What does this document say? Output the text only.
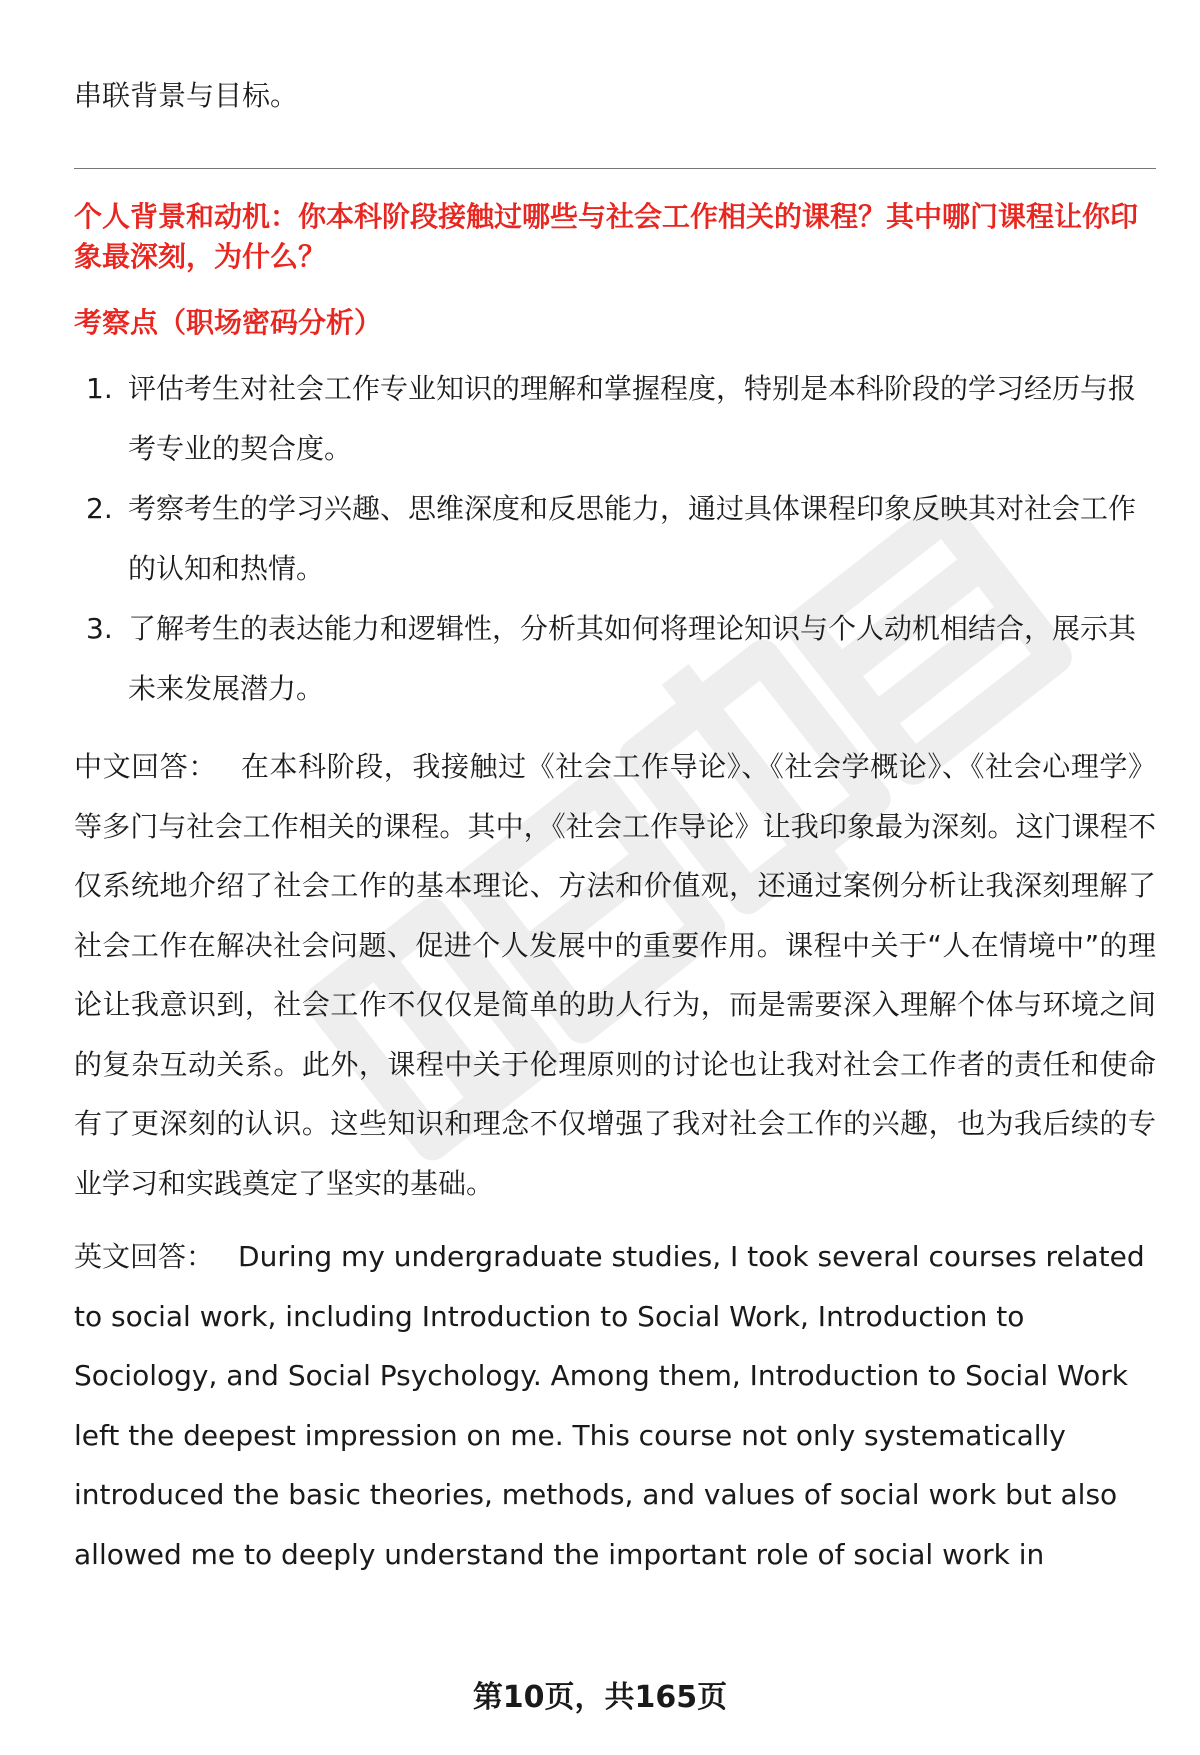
串联背景与目标。

个人背景和动机：你本科阶段接触过哪些与社会工作相关的课程？其中哪门课程让你印象最深刻，为什么？

考察点（职场密码分析）

1. 评估考生对社会工作专业知识的理解和掌握程度，特别是本科阶段的学习经历与报考专业的契合度。
2. 考察考生的学习兴趣、思维深度和反思能力，通过具体课程印象反映其对社会工作的认知和热情。
3. 了解考生的表达能力和逻辑性，分析其如何将理论知识与个人动机相结合，展示其未来发展潜力。

中文回答： 在本科阶段，我接触过《社会工作导论》、《社会学概论》、《社会心理学》等多门与社会工作相关的课程。其中，《社会工作导论》让我印象最为深刻。这门课程不仅系统地介绍了社会工作的基本理论、方法和价值观，还通过案例分析让我深刻理解了社会工作在解决社会问题、促进个人发展中的重要作用。课程中关于“人在情境中”的理论让我意识到，社会工作不仅仅是简单的助人行为，而是需要深入理解个体与环境之间的复杂互动关系。此外，课程中关于伦理原则的讨论也让我对社会工作者的责任和使命有了更深刻的认识。这些知识和理念不仅增强了我对社会工作的兴趣，也为我后续的专业学习和实践奠定了坚实的基础。

英文回答： During my undergraduate studies, I took several courses related to social work, including Introduction to Social Work, Introduction to Sociology, and Social Psychology. Among them, Introduction to Social Work left the deepest impression on me. This course not only systematically introduced the basic theories, methods, and values of social work but also allowed me to deeply understand the important role of social work in

第10页，共165页
